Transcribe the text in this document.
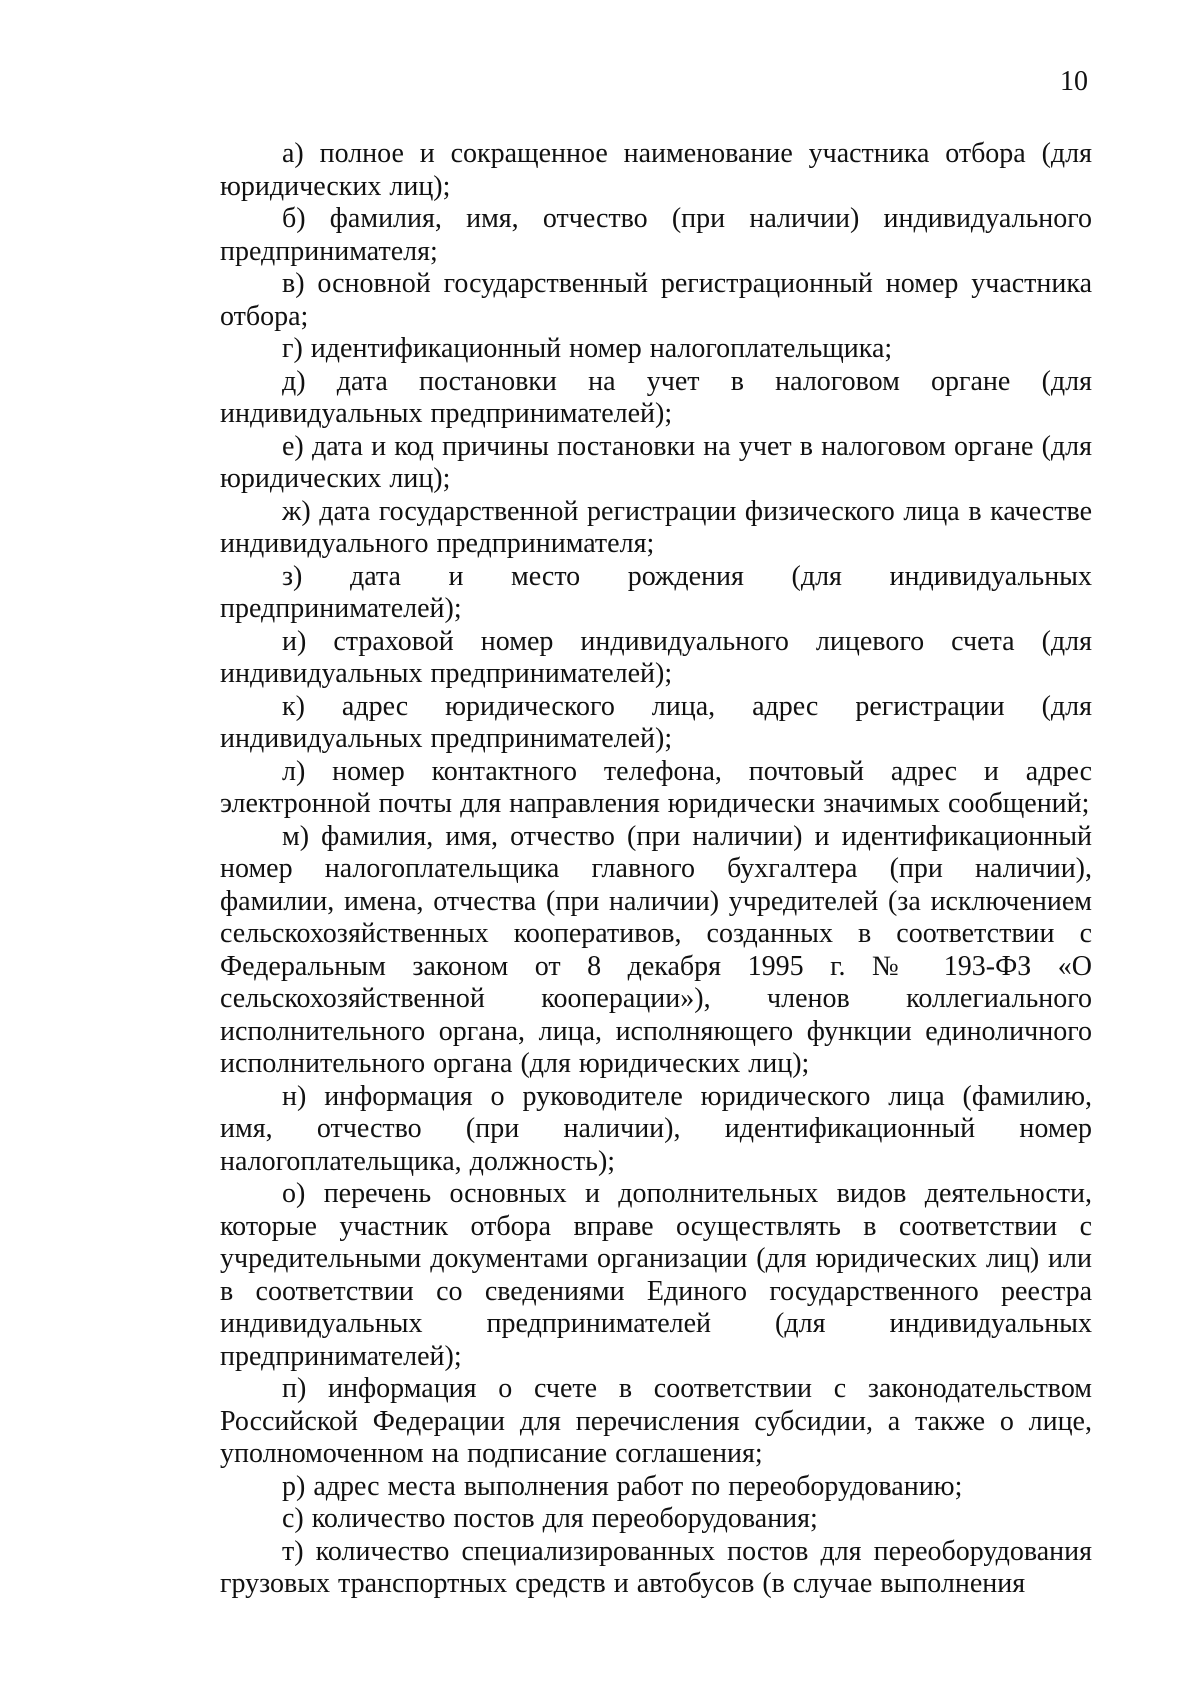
10

а) полное и сокращенное наименование участника отбора (для юридических лиц);

б) фамилия, имя, отчество (при наличии) индивидуального предпринимателя;

в) основной государственный регистрационный номер участника отбора;

г) идентификационный номер налогоплательщика;

д) дата постановки на учет в налоговом органе (для индивидуальных предпринимателей);

е) дата и код причины постановки на учет в налоговом органе (для юридических лиц);

ж) дата государственной регистрации физического лица в качестве индивидуального предпринимателя;

з) дата и место рождения (для индивидуальных предпринимателей);

и) страховой номер индивидуального лицевого счета (для индивидуальных предпринимателей);

к) адрес юридического лица, адрес регистрации (для индивидуальных предпринимателей);

л) номер контактного телефона, почтовый адрес и адрес электронной почты для направления юридически значимых сообщений;

м) фамилия, имя, отчество (при наличии) и идентификационный номер налогоплательщика главного бухгалтера (при наличии), фамилии, имена, отчества (при наличии) учредителей (за исключением сельскохозяйственных кооперативов, созданных в соответствии с Федеральным законом от 8 декабря 1995 г. № 193-ФЗ «О сельскохозяйственной кооперации»), членов коллегиального исполнительного органа, лица, исполняющего функции единоличного исполнительного органа (для юридических лиц);

н) информация о руководителе юридического лица (фамилию, имя, отчество (при наличии), идентификационный номер налогоплательщика, должность);

о) перечень основных и дополнительных видов деятельности, которые участник отбора вправе осуществлять в соответствии с учредительными документами организации (для юридических лиц) или в соответствии со сведениями Единого государственного реестра индивидуальных предпринимателей (для индивидуальных предпринимателей);

п) информация о счете в соответствии с законодательством Российской Федерации для перечисления субсидии, а также о лице, уполномоченном на подписание соглашения;

р) адрес места выполнения работ по переоборудованию;

с) количество постов для переоборудования;

т) количество специализированных постов для переоборудования грузовых транспортных средств и автобусов (в случае выполнения
